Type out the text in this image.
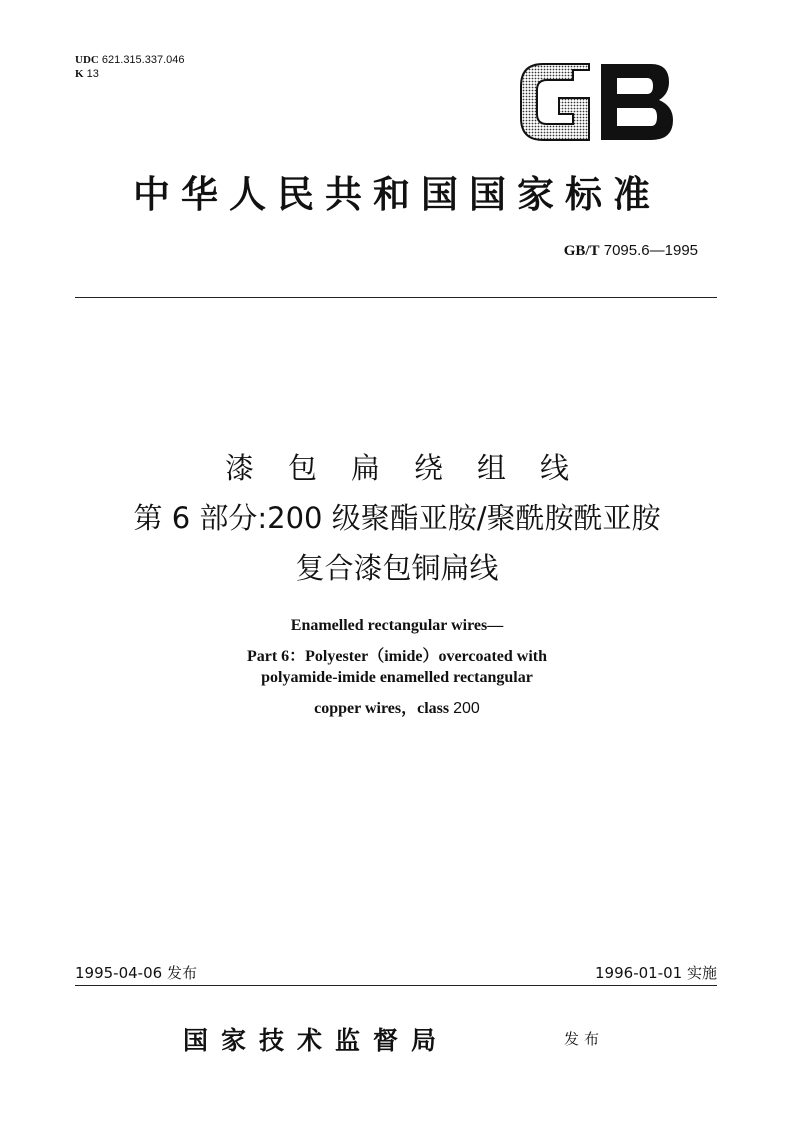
UDC 621.315.337.046
K 13
中华人民共和国国家标准
GB/T 7095.6—1995
漆包扁绕组线
第 6 部分:200 级聚酯亚胺/聚酰胺酰亚胺
复合漆包铜扁线
Enamelled rectangular wires—
Part 6：Polyester（imide）overcoated with
polyamide-imide enamelled rectangular
copper wires，class 200
1995-04-06 发布	1996-01-01 实施
国家技术监督局	发布
